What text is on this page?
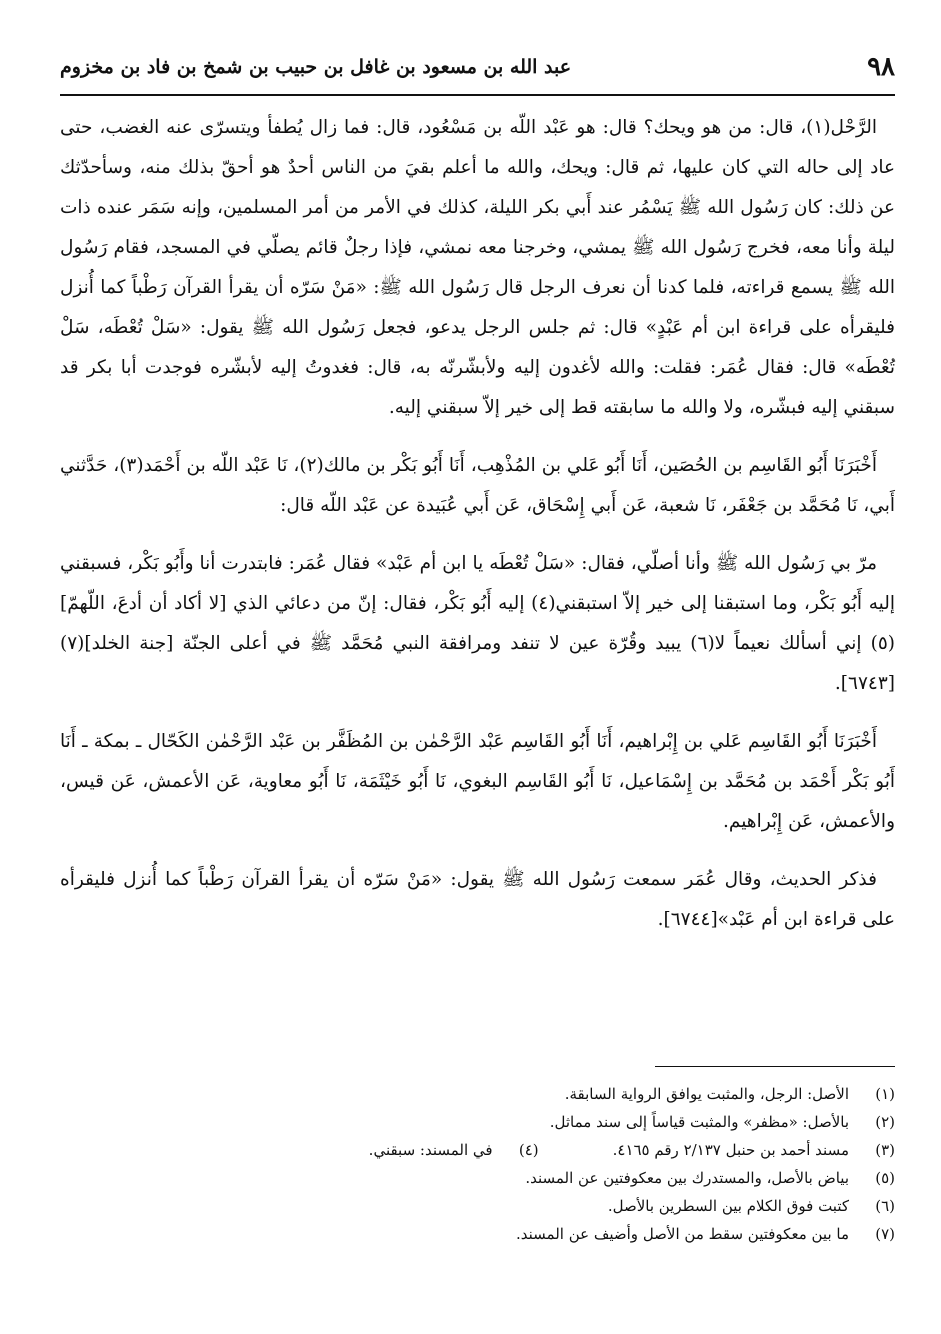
٩٨
عبد الله بن مسعود بن غافل بن حبيب بن شمخ بن فاد بن مخزوم

الرَّحْل(١)، قال: من هو ويحك؟ قال: هو عَبْد اللّه بن مَسْعُود، قال: فما زال يُطفأ ويتسرّى عنه الغضب، حتى عاد إلى حاله التي كان عليها، ثم قال: ويحك، والله ما أعلم بقيَ من الناس أحدٌ هو أحقّ بذلك منه، وسأحدّثك عن ذلك: كان رَسُول الله ﷺ يَسْمُر عند أَبي بكر الليلة، كذلك في الأمر من أمر المسلمين، وإنه سَمَر عنده ذات ليلة وأنا معه، فخرج رَسُول الله ﷺ يمشي، وخرجنا معه نمشي، فإذا رجلٌ قائم يصلّي في المسجد، فقام رَسُول الله ﷺ يسمع قراءته، فلما كدنا أن نعرف الرجل قال رَسُول الله ﷺ: «مَنْ سَرّه أن يقرأ القرآن رَطْباً كما أُنزل فليقرأه على قراءة ابن أم عَبْدٍ» قال: ثم جلس الرجل يدعو، فجعل رَسُول الله ﷺ يقول: «سَلْ تُعْطَه، سَلْ تُعْطَه» قال: فقال عُمَر: فقلت: والله لأغدون إليه ولأبشّرنّه به، قال: فغدوتُ إليه لأبشّره فوجدت أبا بكر قد سبقني إليه فبشّره، ولا والله ما سابقته قط إلى خير إلاّ سبقني إليه.

أَخْبَرَنَا أَبُو القَاسِم بن الحُصَين، أَنَا أَبُو عَلي بن المُذْهِب، أَنَا أَبُو بَكْر بن مالك(٢)، نَا عَبْد اللّه بن أَحْمَد(٣)، حَدَّثني أَبي، نَا مُحَمَّد بن جَعْفَر، نَا شعبة، عَن أَبي إِسْحَاق، عَن أَبي عُبَيدة عن عَبْد اللّه قال:

مرّ بي رَسُول الله ﷺ وأنا أصلّي، فقال: «سَلْ تُعْطَه يا ابن أم عَبْد» فقال عُمَر: فابتدرت أنا وأَبُو بَكْر، فسبقني إليه أَبُو بَكْر، وما استبقنا إلى خير إلاّ استبقني(٤) إليه أَبُو بَكْر، فقال: إنّ من دعائي الذي [لا أكاد أن أدعَ، اللّهمّ](٥) إني أسألك نعيماً لا(٦) يبيد وقُرّة عين لا تنفد ومرافقة النبي مُحَمَّد ﷺ في أعلى الجنّة [جنة الخلد](٧)[٦٧٤٣].

أَخْبَرَنَا أَبُو القَاسِم عَلي بن إِبْراهيم، أَنَا أَبُو القَاسِم عَبْد الرَّحْمٰن بن المُظَفَّر بن عَبْد الرَّحْمٰن الكَحّال ـ بمكة ـ أَنَا أَبُو بَكْر أَحْمَد بن مُحَمَّد بن إِسْمَاعيل، نَا أَبُو القَاسِم البغوي، نَا أَبُو خَيْثَمَة، نَا أَبُو معاوية، عَن الأعمش، عَن قيس، والأعمش، عَن إِبْراهيم.

فذكر الحديث، وقال عُمَر سمعت رَسُول الله ﷺ يقول: «مَنْ سَرّه أن يقرأ القرآن رَطْباً كما أُنزل فليقرأه على قراءة ابن أم عَبْد»[٦٧٤٤].

(١)
الأصل: الرجل، والمثبت يوافق الرواية السابقة.
(٢)
بالأصل: «مظفر» والمثبت قياساً إلى سند مماثل.
(٣)
مسند أحمد بن حنبل ٢/١٣٧ رقم ٤١٦٥.
(٤)
في المسند: سبقني.
(٥)
بياض بالأصل، والمستدرك بين معكوفتين عن المسند.
(٦)
كتبت فوق الكلام بين السطرين بالأصل.
(٧)
ما بين معكوفتين سقط من الأصل وأضيف عن المسند.
